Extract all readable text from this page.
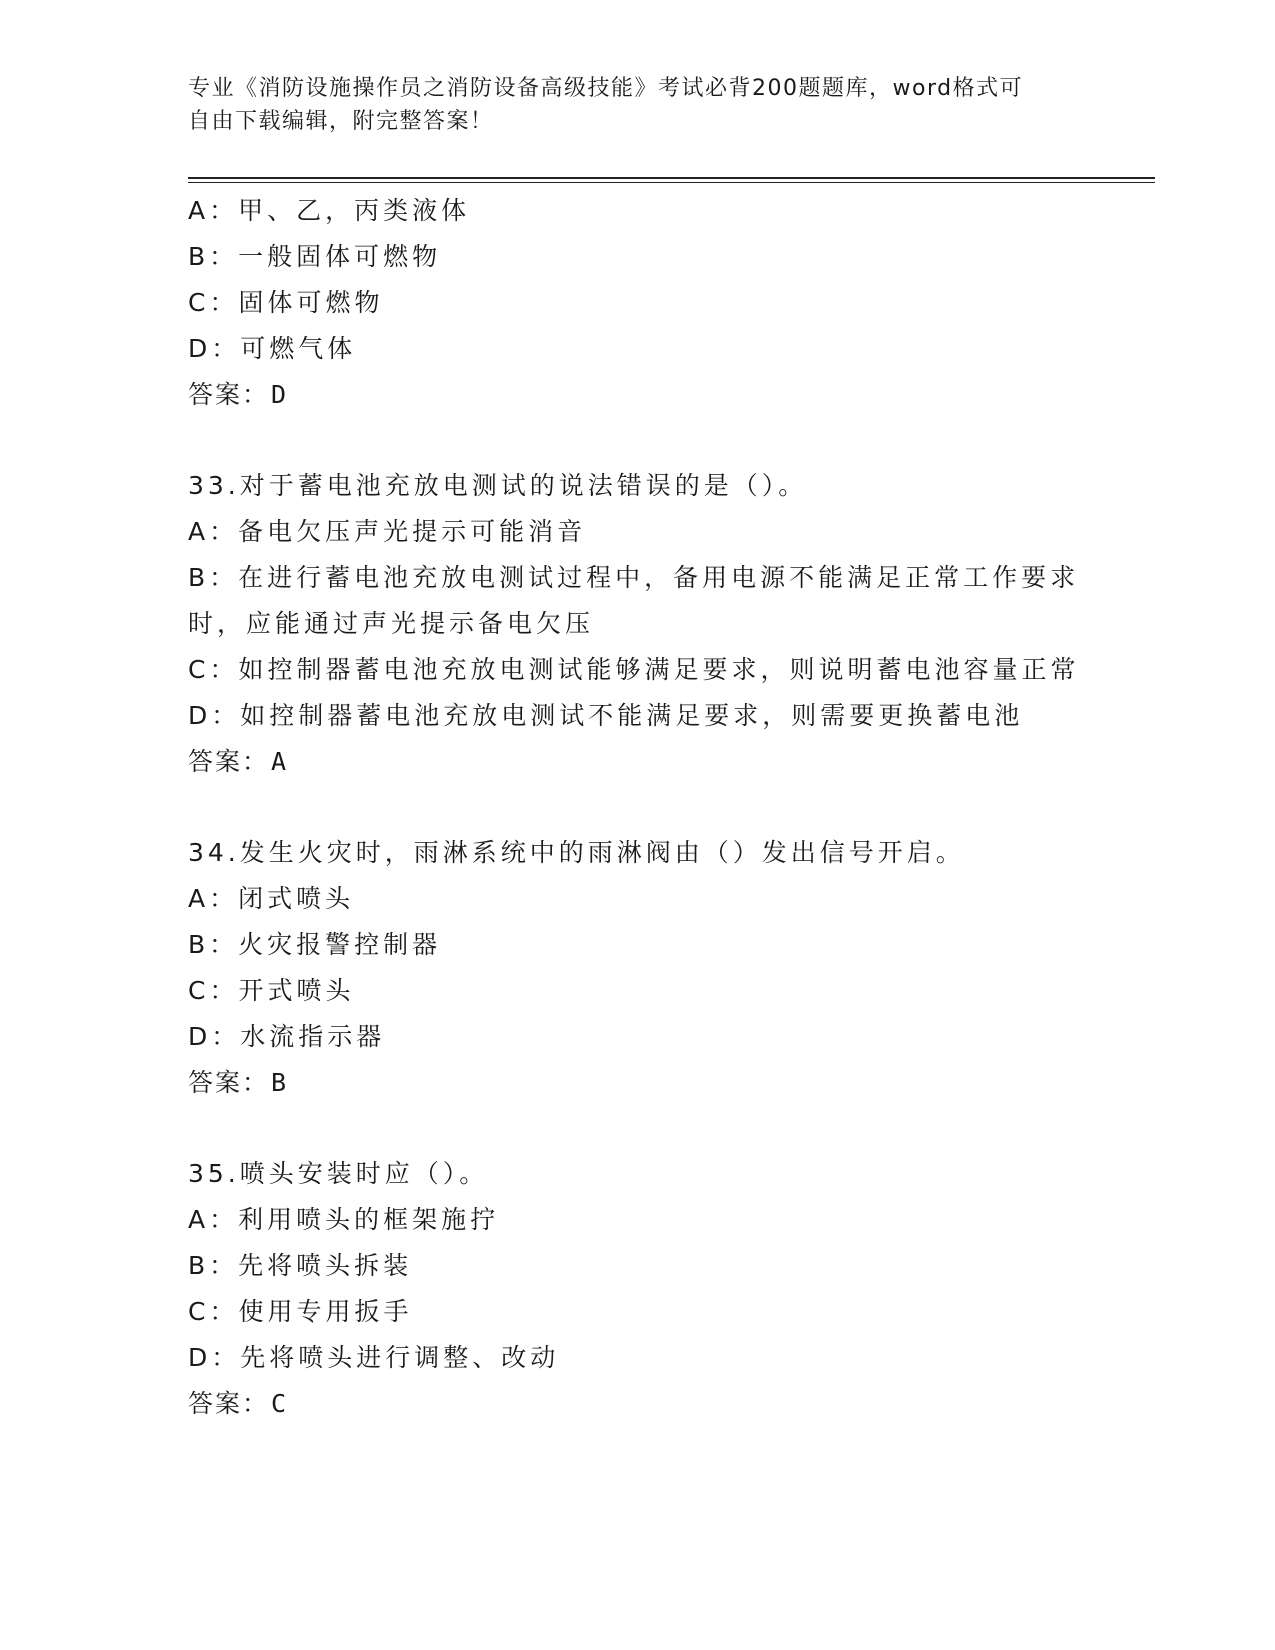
专业《消防设施操作员之消防设备高级技能》考试必背200题题库，word格式可
自由下载编辑，附完整答案！
A：甲、乙，丙类液体
B：一般固体可燃物
C：固体可燃物
D：可燃气体
答案：D
33.对于蓄电池充放电测试的说法错误的是（）。
A：备电欠压声光提示可能消音
B：在进行蓄电池充放电测试过程中，备用电源不能满足正常工作要求
时，应能通过声光提示备电欠压
C：如控制器蓄电池充放电测试能够满足要求，则说明蓄电池容量正常
D：如控制器蓄电池充放电测试不能满足要求，则需要更换蓄电池
答案：A
34.发生火灾时，雨淋系统中的雨淋阀由（）发出信号开启。
A：闭式喷头
B：火灾报警控制器
C：开式喷头
D：水流指示器
答案：B
35.喷头安装时应（）。
A：利用喷头的框架施拧
B：先将喷头拆装
C：使用专用扳手
D：先将喷头进行调整、改动
答案：C
